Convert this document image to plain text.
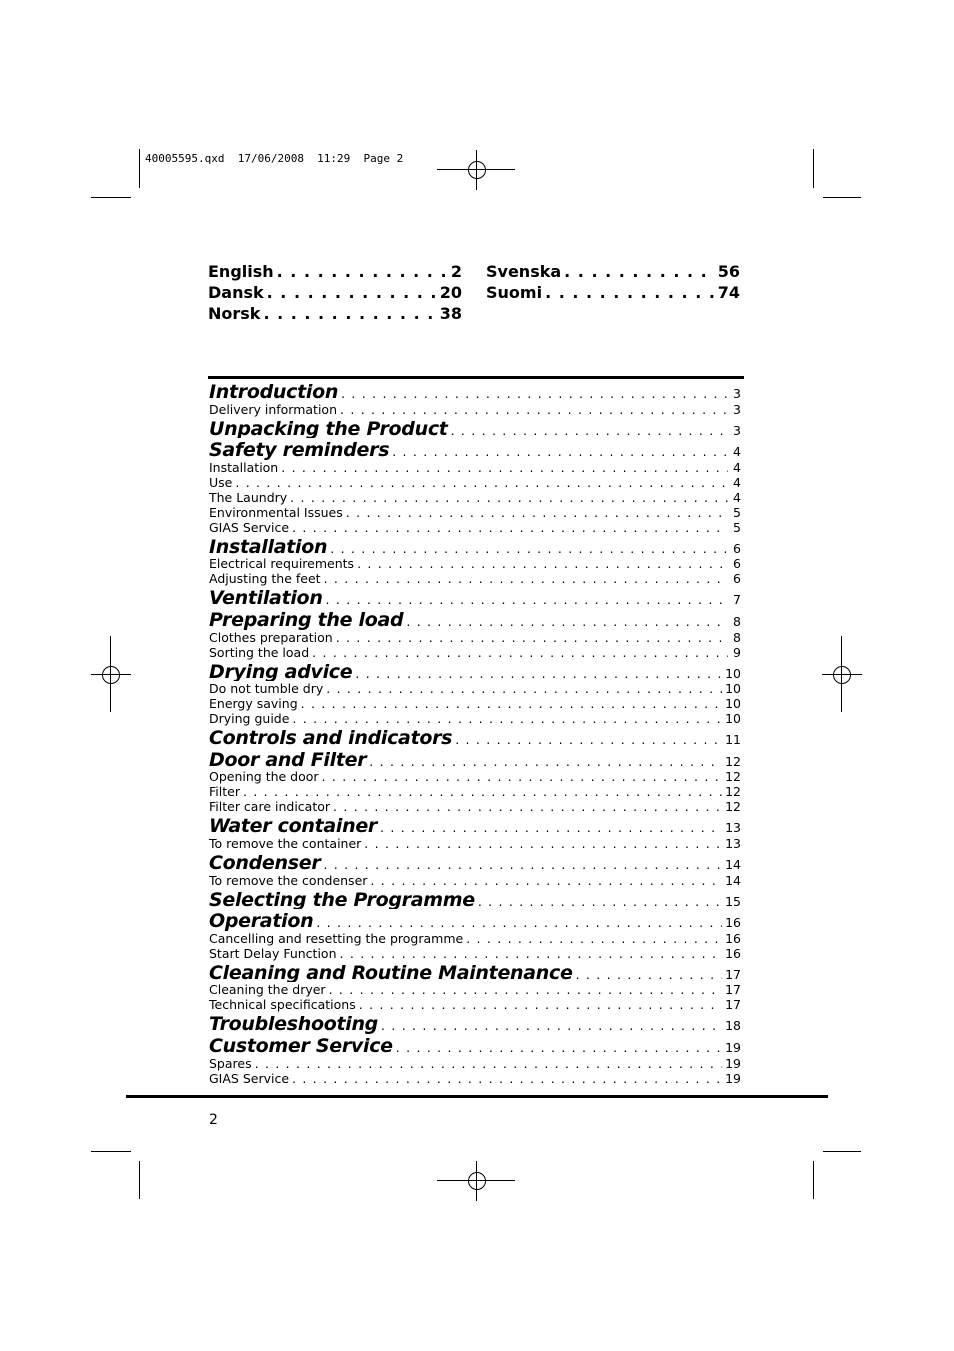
40005595.qxd  17/06/2008  11:29  Page 2
English . . .	2
Dansk . . .	20
Norsk . . .	38
Svenska . . .	56
Suomi . . .	74
Introduction . . .	3
Delivery information . . .	3
Unpacking the Product . . .	3
Safety reminders . . .	4
Installation . . .	4
Use . . .	4
The Laundry . . .	4
Environmental Issues . . .	5
GIAS Service . . .	5
Installation . . .	6
Electrical requirements . . .	6
Adjusting the feet . . .	6
Ventilation . . .	7
Preparing the load . . .	8
Clothes preparation . . .	8
Sorting the load . . .	9
Drying advice . . .	10
Do not tumble dry . . .	10
Energy saving . . .	10
Drying guide . . .	10
Controls and indicators . . .	11
Door and Filter . . .	12
Opening the door . . .	12
Filter . . .	12
Filter care indicator . . .	12
Water container . . .	13
To remove the container . . .	13
Condenser . . .	14
To remove the condenser . . .	14
Selecting the Programme . . .	15
Operation . . .	16
Cancelling and resetting the programme . . .	16
Start Delay Function . . .	16
Cleaning and Routine Maintenance . . .	17
Cleaning the dryer . . .	17
Technical specifications . . .	17
Troubleshooting . . .	18
Customer Service . . .	19
Spares . . .	19
GIAS Service . . .	19
2
